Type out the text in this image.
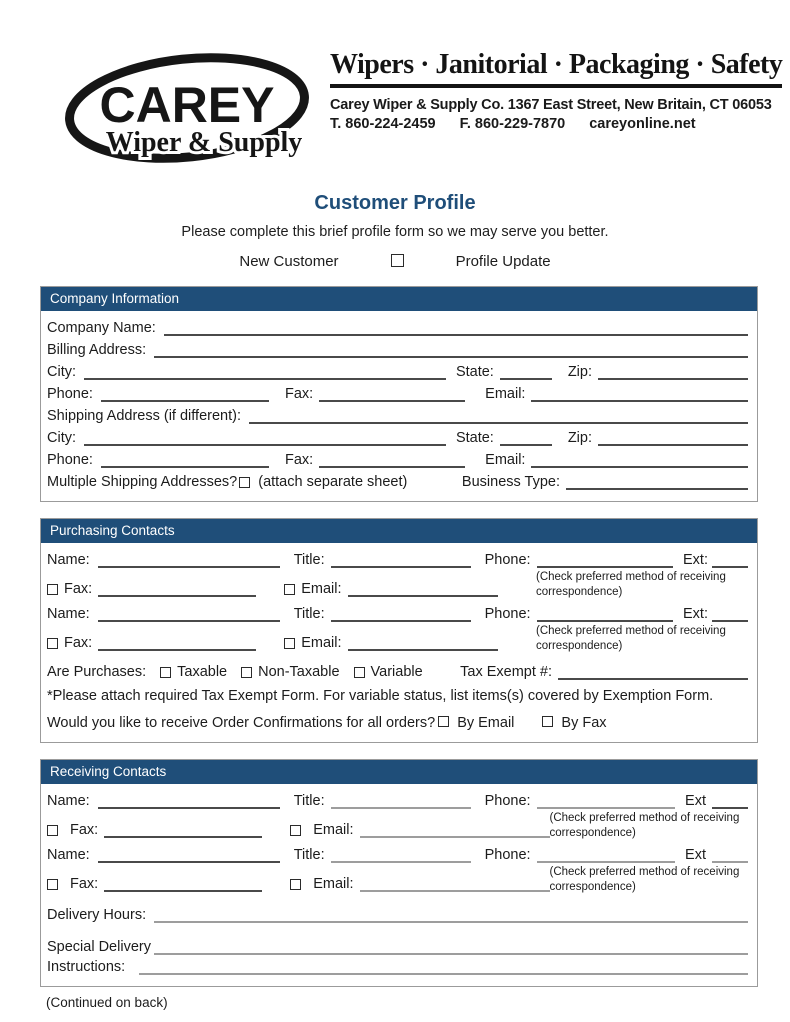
CAREY
Wiper & Supply
Wipers · Janitorial · Packaging · Safety
Carey Wiper & Supply Co. 1367 East Street, New Britain, CT 06053
T. 860-224-2459 F. 860-229-7870 careyonline.net
Customer Profile
Please complete this brief profile form so we may serve you better.
New Customer	Profile Update
Company Information
Company Name:
Billing Address:
City:	State:	Zip:
Phone:	Fax:	Email:
Shipping Address (if different):
City:	State:	Zip:
Phone:	Fax:	Email:
Multiple Shipping Addresses? (attach separate sheet)	Business Type:
Purchasing Contacts
Name:	Title:	Phone:	Ext:
Fax:	Email:
(Check preferred method of receiving correspondence)
Name:	Title:	Phone:	Ext:
Fax:	Email:
(Check preferred method of receiving correspondence)
Are Purchases: Taxable Non-Taxable Variable	Tax Exempt #:
*Please attach required Tax Exempt Form. For variable status, list items(s) covered by Exemption Form.
Would you like to receive Order Confirmations for all orders? By Email	By Fax
Receiving Contacts
Name:	Title:	Phone:	Ext
Fax:	Email:
(Check preferred method of receiving correspondence)
Name:	Title:	Phone:	Ext
Fax:	Email:
(Check preferred method of receiving correspondence)
Delivery Hours:
Special Delivery
Instructions:
(Continued on back)
